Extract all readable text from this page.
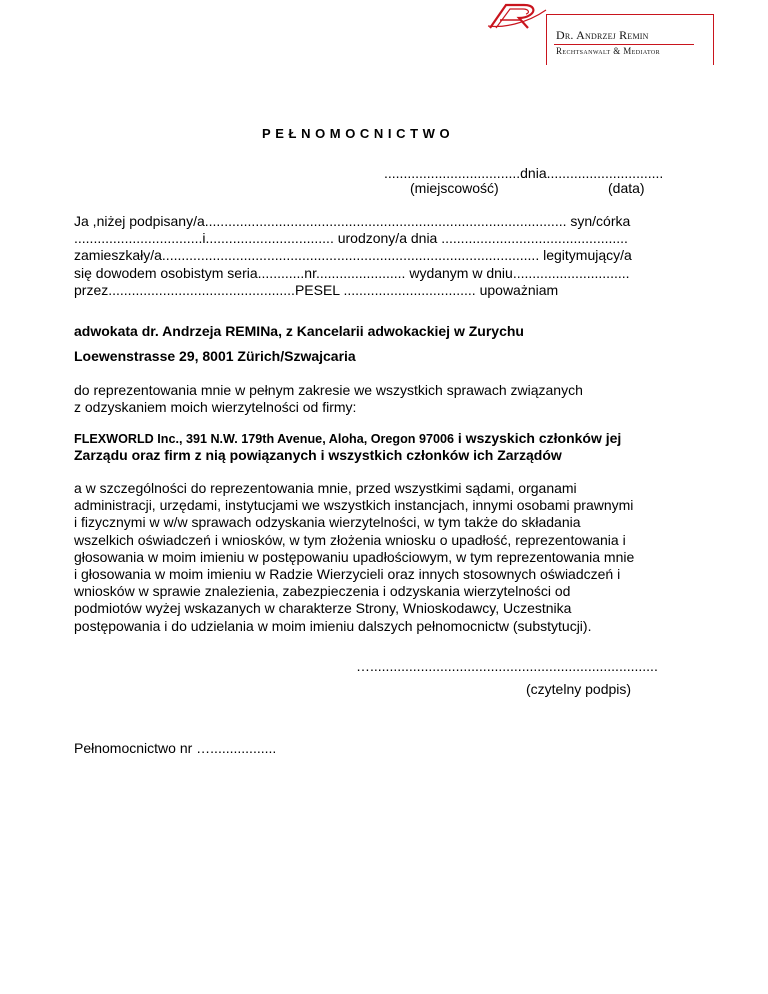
Dr. Andrzej Remin
Rechtsanwalt & Mediator
PEŁNOMOCNICTWO
...................................dnia..............................
(miejscowość)	(data)
Ja ,niżej podpisany/a............................................................................................. syn/córka
.................................i................................. urodzony/a dnia ................................................
zamieszkały/a................................................................................................. legitymujący/a
się dowodem osobistym seria............nr....................... wydanym w dniu..............................
przez................................................PESEL .................................. upoważniam
adwokata dr. Andrzeja REMINa, z Kancelarii adwokackiej w Zurychu
Loewenstrasse 29, 8001 Zürich/Szwajcaria
do reprezentowania mnie w pełnym zakresie we wszystkich sprawach związanych
z odzyskaniem moich wierzytelności od firmy:
FLEXWORLD Inc., 391 N.W. 179th Avenue, Aloha, Oregon 97006 i wszyskich członków jej
Zarządu oraz firm z nią powiązanych i wszystkich członków ich Zarządów
a w szczególności do reprezentowania mnie, przed wszystkimi sądami, organami
administracji, urzędami, instytucjami we wszystkich instancjach, innymi osobami prawnymi
i fizycznymi w w/w sprawach odzyskania wierzytelności, w tym także do składania
wszelkich oświadczeń i wniosków, w tym złożenia wniosku o upadłość, reprezentowania i
głosowania w moim imieniu w postępowaniu upadłościowym, w tym reprezentowania mnie
i głosowania w moim imieniu w Radzie Wierzycieli oraz innych stosownych oświadczeń i
wniosków w sprawie znalezienia, zabezpieczenia i odzyskania wierzytelności od
podmiotów wyżej wskazanych w charakterze Strony, Wnioskodawcy, Uczestnika
postępowania i do udzielania w moim imieniu dalszych pełnomocnictw (substytucji).
…..........................................................................
(czytelny podpis)
Pełnomocnictwo nr ….................
